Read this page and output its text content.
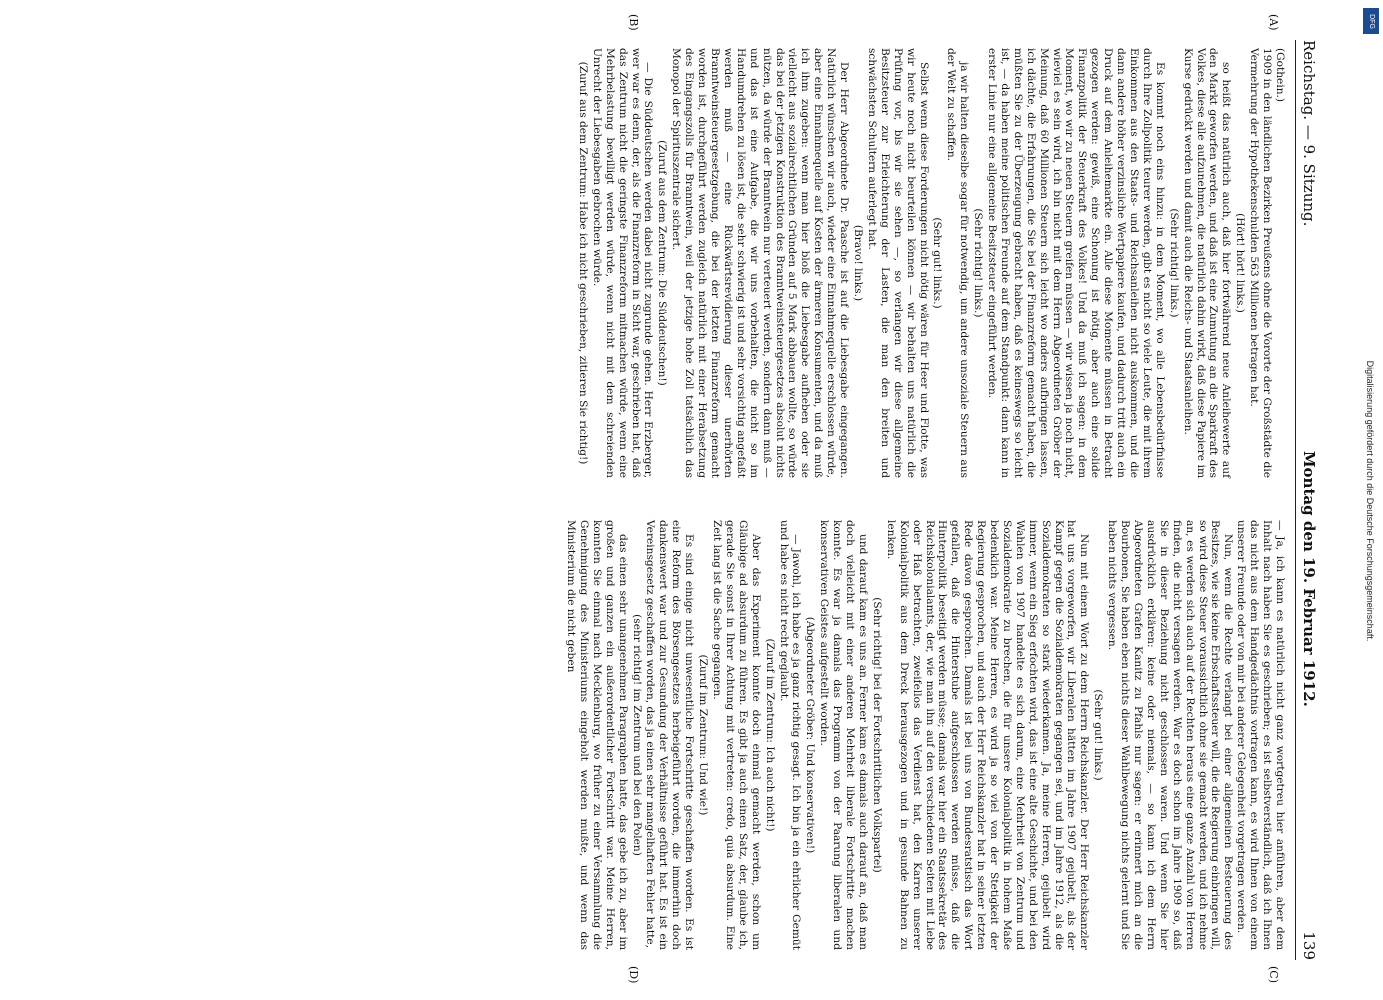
Reichstag. — 9. Sitzung.
Montag den 19. Februar 1912.
139
(A)
(B)
(C)
(D)

(Gothein.)

1909 in den ländlichen Bezirken Preußens ohne die Vororte der Großstädte die Vermehrung der Hypothekenschulden 563 Millionen betragen hat.

(Hört! hört! links.)

so heißt das natürlich auch, daß hier fortwährend neue Anleihewerte auf den Markt geworfen werden, und daß ist eine Zumutung an die Sparkraft des Volkes, diese alle aufzunehmen, die natürlich dahin wirkt, daß diese Papiere im Kurse gedrückt werden und damit auch die Reichs- und Staatsanleihen.

(Sehr richtig! links.)

Es kommt noch eins hinzu: in dem Moment, wo alle Lebensbedürfnisse durch Ihre Zollpolitik teurer werden, gibt es nicht so viele Leute, die mit ihrem Einkommen aus den Staats- und Reichsanleihen nicht auskommen, und die dann andere höher verzinsliche Wertpapiere kaufen, und dadurch tritt auch ein Druck auf dem Anleihemarkte ein. Alle diese Momente müssen in Betracht gezogen werden: gewiß, eine Schonung ist nötig, aber auch eine solide Finanzpolitik der Steuerkraft des Volkes! Und da muß ich sagen: in dem Moment, wo wir zu neuen Steuern greifen müssen — wir wissen ja noch nicht, wieviel es sein wird, ich bin nicht mit dem Herrn Abgeordneten Gröber der Meinung, daß 60 Millionen Steuern sich leicht wo anders aufbringen lassen, ich dächte, die Erfahrungen, die Sie bei der Finanzreform gemacht haben, die müßten Sie zu der Überzeugung gebracht haben, daß es keineswegs so leicht ist, — da haben meine politischen Freunde auf dem Standpunkt: dann kann in erster Linie nur eine allgemeine Besitzsteuer eingeführt werden.

(Sehr richtig! links.)

ja wir halten dieselbe sogar für notwendig, um andere unsoziale Steuern aus der Welt zu schaffen.

(Sehr gut! links.)

Selbst wenn diese Forderungen nicht nötig wären für Heer und Flotte, was wir heute noch nicht beurteilen können — wir behalten uns natürlich die Prüfung vor, bis wir sie sehen —, so verlangen wir diese allgemeine Besitzsteuer zur Erleichterung der Lasten, die man den breiten und schwächsten Schultern auferlegt hat.

(Bravo! links.)

Der Herr Abgeordnete Dr. Paasche ist auf die Liebesgabe eingegangen. Natürlich wünschen wir auch, wieder eine Einnahmequelle erschlossen würde, aber eine Einnahmequelle auf Kosten der ärmeren Konsumenten, und da muß ich ihm zugeben: wenn man hier bloß die Liebesgabe aufheben oder sie vielleicht aus sozialrechtlichen Gründen auf 5 Mark abbauen wollte, so würde das bei der jetzigen Konstruktion des Branntweinsteuergesetzes absolut nichts nützen, da würde der Branntwein nur verteuert werden, sondern dann muß — und das ist eine Aufgabe, die wir uns vorbehalten, die nicht so im Handumdrehen zu lösen ist, die sehr schwierig ist und sehr vorsichtig angefaßt werden muß — eine Rückwärtsrevidierung dieser unerhörten Branntweinsteuergesetzgebung, die bei der letzten Finanzreform gemacht worden ist, durchgeführt werden zugleich natürlich mit einer Herabsetzung des Eingangszolls für Branntwein, weil der jetzige hohe Zoll tatsächlich das Monopol der Spirituszentrale sichert.

(Zuruf aus dem Zentrum: Die Süddeutschen!)

— Die Süddeutschen werden dabei nicht zugrunde gehen. Herr Erzberger, wer war es denn, der, als die Finanzreform in Sicht war, geschrieben hat, daß das Zentrum nicht die geringste Finanzreform mitmachen würde, wenn eine Mehrbelastung bewilligt werden würde, wenn nicht mit dem schreienden Unrecht der Liebesgaben gebrochen würde.

(Zuruf aus dem Zentrum: Habe ich nicht geschrieben, zitieren Sie richtig!)

— Ja, ich kann es natürlich nicht ganz wortgetreu hier anführen, aber dem Inhalt nach haben Sie es geschrieben; es ist selbstverständlich, daß ich Ihnen das nicht aus dem Handgedächtnis vortragen kann, es wird Ihnen von einem unserer Freunde oder von mir bei anderer Gelegenheit vorgetragen werden.

Nun, wenn die Rechte verlangt bei einer allgemeinen Besteuerung des Besitzes, wie sie keine Erbschaftssteuer will, die die Regierung einbringen will, so wird diese Steuer voraussichtlich ohne sie gemacht werden, und ich nehme an, es werden sich auch auf der Rechten heraus eine ganze Anzahl von Herren finden, die nicht versagen werden. War es doch schon im Jahre 1909 so, daß Sie in dieser Beziehung nicht geschlossen waren. Und wenn Sie hier ausdrücklich erklären: keine oder niemals, — so kann ich dem Herrn Abgeordneten Grafen Kanitz zu Pfahls nur sagen: er erinnert mich an die Bourbonen, Sie haben eben nichts dieser Wahlbewegung nichts gelernt und Sie haben nichts vergessen.

(Sehr gut! links.)

Nun mit einem Wort zu dem Herrn Reichskanzler. Der Herr Reichskanzler hat uns vorgeworfen, wir Liberalen hätten im Jahre 1907 gejubelt, als der Kampf gegen die Sozialdemokraten gegangen sei, und im Jahre 1912, als die Sozialdemokraten so stark wiederkamen. Ja, meine Herren, gejubelt wird immer, wenn ein Sieg erfochten wird, das ist eine alte Geschichte, und bei den Wahlen von 1907 handelte es sich darum, eine Mehrheit von Zentrum und Sozialdemokratie zu brechen, die für unsere Kolonialpolitik in hohem Maße bedenklich war. Meine Herren, es wird ja so viel von der Stetigkeit der Regierung gesprochen, und auch der Herr Reichskanzler hat in seiner letzten Rede davon gesprochen. Damals ist bei uns von Bundesratstisch das Wort gefallen, daß die Hinterstube aufgeschlossen werden müsse, daß die Hinterpolitik beseitigt werden müsse; damals war hier ein Staatssekretär des Reichskolonialamts, der, wie man ihn auf den verschiedenen Seiten mit Liebe oder Haß betrachten, zweifellos das Verdienst hat, den Karren unserer Kolonialpolitik aus dem Dreck herausgezogen und in gesunde Bahnen zu lenken.

(Sehr richtig! bei der Fortschrittlichen Volkspartei)

und darauf kam es uns an. Ferner kam es damals auch darauf an, daß man doch vielleicht mit einer anderen Mehrheit liberale Fortschritte machen konnte. Es war ja damals das Programm von der Paarung liberalen und konservativen Geistes aufgestellt worden.

(Abgeordneter Gröber: Und konservativen!)

— Jawohl, ich habe es ja ganz richtig gesagt. Ich bin ja ein ehrlicher Gemüt und habe es nicht recht geglaubt.

(Zuruf im Zentrum: Ich auch nicht!)

Aber das Experiment konnte doch einmal gemacht werden, schon um Gläubige ad absurdum zu führen. Es gibt ja auch einen Satz, der, glaube ich, gerade Sie sonst in Ihrer Achtung mit vertreten: credo, quia absurdum. Eine Zeit lang ist die Sache gegangen.

(Zuruf im Zentrum: Und wie!)

Es sind einige nicht unwesentliche Fortschritte geschaffen worden. Es ist eine Reform des Börsengesetzes herbeigeführt worden, die immerhin doch dankenswert war und zur Gesundung der Verhältnisse geführt hat. Es ist ein Vereinsgesetz geschaffen worden, das ja einen sehr mangelhaften Fehler hatte,

(sehr richtig! im Zentrum und bei den Polen)

das einen sehr unangenehmen Paragraphen hatte, das gebe ich zu, aber im großen und ganzen ein außerordentlicher Fortschritt war. Meine Herren, konnten Sie einmal nach Mecklenburg, wo früher zu einer Versammlung die Genehmigung des Ministeriums eingeholt werden mußte, und wenn das Ministerium die nicht geben	Digitalisierung gefördert durch die Deutsche Forschungsgemeinschaft.
DFG
